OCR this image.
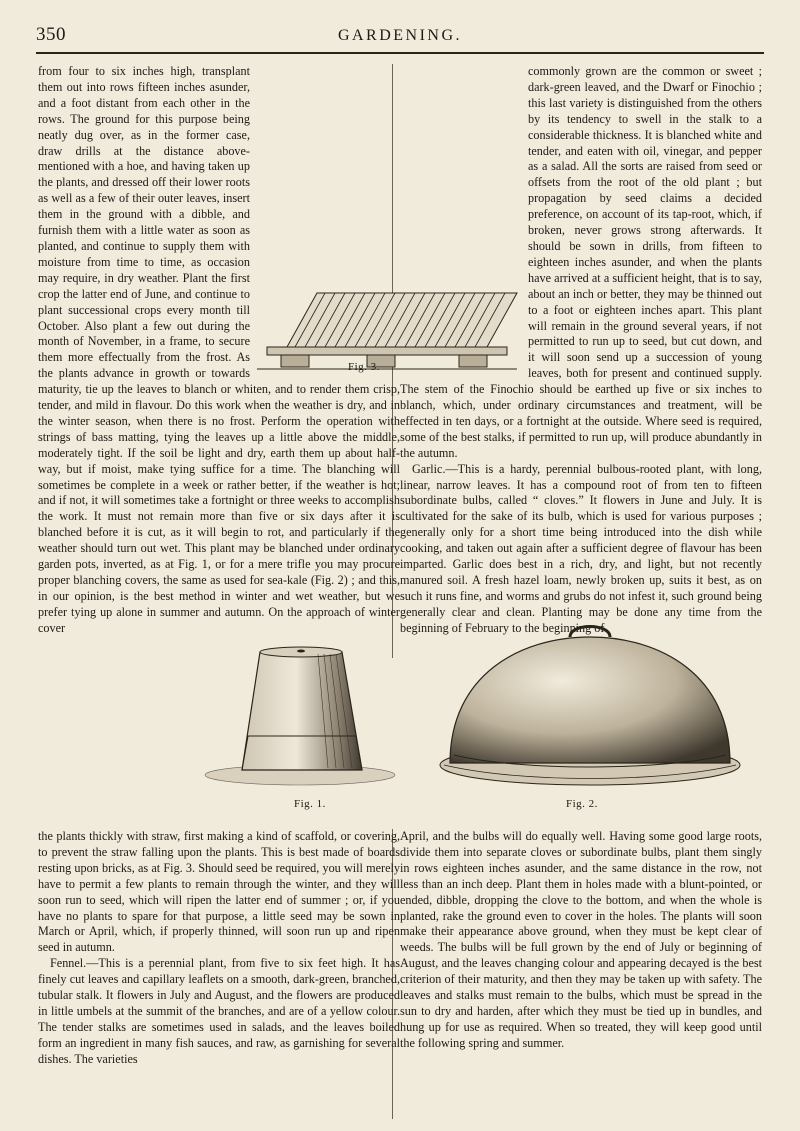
350	GARDENING.

from four to six inches high, transplant them out into rows fifteen inches asunder, and a foot distant from each other in the rows. The ground for this purpose being neatly dug over, as in the former case, draw drills at the distance above-mentioned with a hoe, and having taken up the plants, and dressed off their lower roots as well as a few of their outer leaves, insert them in the ground with a dibble, and furnish them with a little water as soon as planted, and continue to supply them with moisture from time to time, as occasion may require, in dry weather. Plant the first crop the latter end of June, and continue to plant successional crops every month till October. Also plant a few out during the month of November, in a frame, to secure them more effectually from the frost. As the plants advance in growth or towards maturity, tie up the leaves to blanch or whiten, and to render them crisp, tender, and mild in flavour. Do this work when the weather is dry, and in the winter season, when there is no frost. Perform the operation with strings of bass matting, tying the leaves up a little above the middle, moderately tight. If the soil be light and dry, earth them up about half-way, but if moist, make tying suffice for a time. The blanching will sometimes be complete in a week or rather better, if the weather is hot; and if not, it will sometimes take a fortnight or three weeks to accomplish the work. It must not remain more than five or six days after it is blanched before it is cut, as it will begin to rot, and particularly if the weather should turn out wet. This plant may be blanched under ordinary garden pots, inverted, as at Fig. 1, or for a mere trifle you may procure proper blanching covers, the same as used for sea-kale (Fig. 2) ; and this, in our opinion, is the best method in winter and wet weather, but we prefer tying up alone in summer and autumn. On the approach of winter cover

commonly grown are the common or sweet ; dark-green leaved, and the Dwarf or Finochio ; this last variety is distinguished from the others by its tendency to swell in the stalk to a considerable thickness. It is blanched white and tender, and eaten with oil, vinegar, and pepper as a salad. All the sorts are raised from seed or offsets from the root of the old plant ; but propagation by seed claims a decided preference, on account of its tap-root, which, if broken, never grows strong afterwards. It should be sown in drills, from fifteen to eighteen inches asunder, and when the plants have arrived at a sufficient height, that is to say, about an inch or better, they may be thinned out to a foot or eighteen inches apart. This plant will remain in the ground several years, if not permitted to run up to seed, but cut down, and it will soon send up a succession of young leaves, both for present and continued supply. The stem of the Finochio should be earthed up five or six inches to blanch, which, under ordinary circumstances and treatment, will be effected in ten days, or a fortnight at the outside. Where seed is required, some of the best stalks, if permitted to run up, will produce abundantly in the autumn.

Garlic.—This is a hardy, perennial bulbous-rooted plant, with long, linear, narrow leaves. It has a compound root of from ten to fifteen subordinate bulbs, called “ cloves.” It flowers in June and July. It is cultivated for the sake of its bulb, which is used for various purposes ; generally only for a short time being introduced into the dish while cooking, and taken out again after a sufficient degree of flavour has been imparted. Garlic does best in a rich, dry, and light, but not recently manured soil. A fresh hazel loam, newly broken up, suits it best, as on such it runs fine, and worms and grubs do not infest it, such ground being generally clear and clean. Planting may be done any time from the beginning of February to the beginning of

Fig. 3.
Fig. 1.	Fig. 2.

the plants thickly with straw, first making a kind of scaffold, or covering, to prevent the straw falling upon the plants. This is best made of boards resting upon bricks, as at Fig. 3. Should seed be required, you will merely have to permit a few plants to remain through the winter, and they will soon run to seed, which will ripen the latter end of summer ; or, if you have no plants to spare for that purpose, a little seed may be sown in March or April, which, if properly thinned, will soon run up and ripen seed in autumn.

Fennel.—This is a perennial plant, from five to six feet high. It has finely cut leaves and capillary leaflets on a smooth, dark-green, branched, tubular stalk. It flowers in July and August, and the flowers are produced in little umbels at the summit of the branches, and are of a yellow colour. The tender stalks are sometimes used in salads, and the leaves boiled form an ingredient in many fish sauces, and raw, as garnishing for several dishes. The varieties

April, and the bulbs will do equally well. Having some good large roots, divide them into separate cloves or subordinate bulbs, plant them singly in rows eighteen inches asunder, and the same distance in the row, not less than an inch deep. Plant them in holes made with a blunt-pointed, or ended, dibble, dropping the clove to the bottom, and when the whole is planted, rake the ground even to cover in the holes. The plants will soon make their appearance above ground, when they must be kept clear of weeds. The bulbs will be full grown by the end of July or beginning of August, and the leaves changing colour and appearing decayed is the best criterion of their maturity, and then they may be taken up with safety. The leaves and stalks must remain to the bulbs, which must be spread in the sun to dry and harden, after which they must be tied up in bundles, and hung up for use as required. When so treated, they will keep good until the following spring and summer.
